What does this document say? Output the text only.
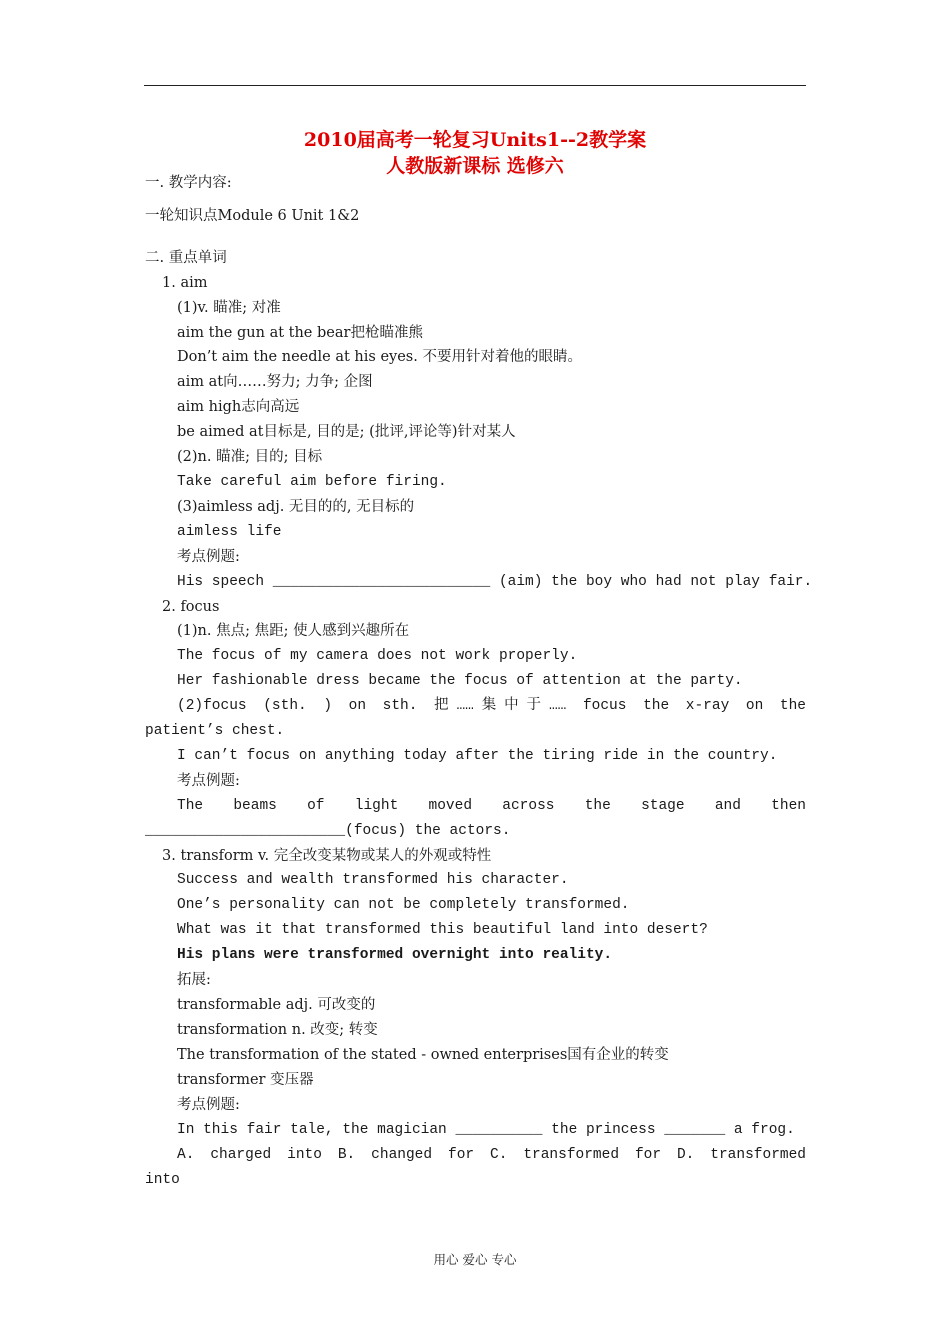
2010届高考一轮复习Units1--2教学案
人教版新课标 选修六
一. 教学内容:
一轮知识点Module 6 Unit 1&2
二. 重点单词
1. aim
(1)v. 瞄准; 对准
aim the gun at the bear把枪瞄准熊
Don’t aim the needle at his eyes. 不要用针对着他的眼睛。
aim at向……努力; 力争; 企图
aim high志向高远
be aimed at目标是, 目的是; (批评,评论等)针对某人
(2)n. 瞄准; 目的; 目标
Take careful aim before firing.
(3)aimless adj. 无目的的, 无目标的
aimless life
考点例题:
His speech _________________________ (aim) the boy who had not play fair.
2. focus
(1)n. 焦点; 焦距; 使人感到兴趣所在
The focus of my camera does not work properly.
Her fashionable dress became the focus of attention at the party.
(2)focus (sth. ) on sth. 把……集中于…… focus the x-ray on the
patient’s chest.
I can’t focus on anything today after the tiring ride in the country.
考点例题:
The beams of light moved across the stage and then
_______________________(focus) the actors.
3. transform v. 完全改变某物或某人的外观或特性
Success and wealth transformed his character.
One’s personality can not be completely transformed.
What was it that transformed this beautiful land into desert?
His plans were transformed overnight into reality.
拓展:
transformable adj. 可改变的
transformation n. 改变; 转变
The transformation of the stated - owned enterprises国有企业的转变
transformer 变压器
考点例题:
In this fair tale, the magician __________ the princess _______ a frog.
A. charged into B. changed for C. transformed for D. transformed
into
用心 爱心 专心
